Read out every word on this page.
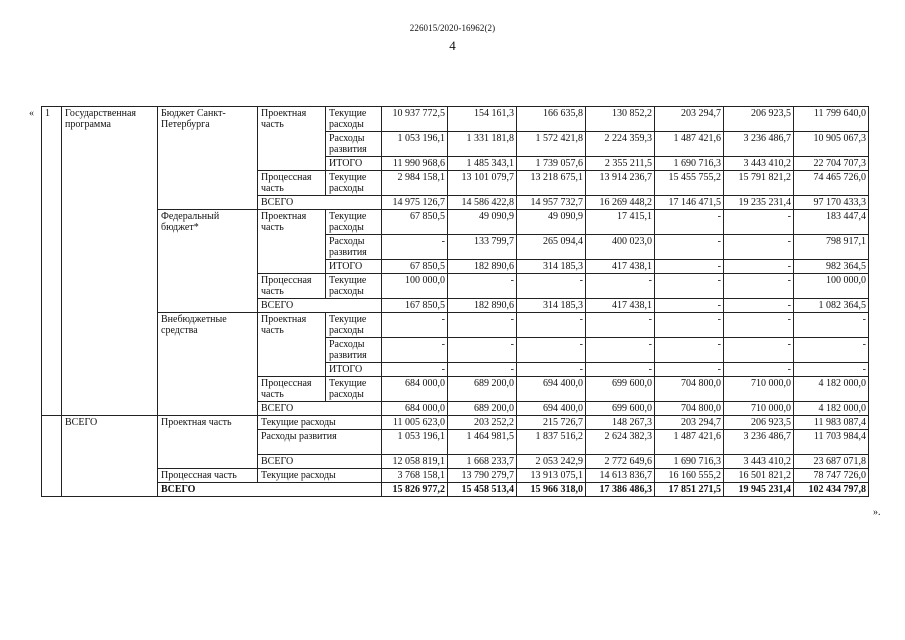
226015/2020-16962(2)
4
«
».
1	Государственная программа	Бюджет Санкт-Петербурга	Проектная часть	Текущие расходы	10 937 772,5	154 161,3	166 635,8	130 852,2	203 294,7	206 923,5	11 799 640,0
				Расходы развития	1 053 196,1	1 331 181,8	1 572 421,8	2 224 359,3	1 487 421,6	3 236 486,7	10 905 067,3
				ИТОГО	11 990 968,6	1 485 343,1	1 739 057,6	2 355 211,5	1 690 716,3	3 443 410,2	22 704 707,3
			Процессная часть	Текущие расходы	2 984 158,1	13 101 079,7	13 218 675,1	13 914 236,7	15 455 755,2	15 791 821,2	74 465 726,0
			ВСЕГО		14 975 126,7	14 586 422,8	14 957 732,7	16 269 448,2	17 146 471,5	19 235 231,4	97 170 433,3
		Федеральный бюджет*	Проектная часть	Текущие расходы	67 850,5	49 090,9	49 090,9	17 415,1	-	-	183 447,4
				Расходы развития	-	133 799,7	265 094,4	400 023,0	-	-	798 917,1
				ИТОГО	67 850,5	182 890,6	314 185,3	417 438,1	-	-	982 364,5
			Процессная часть	Текущие расходы	100 000,0	-	-	-	-	-	100 000,0
			ВСЕГО		167 850,5	182 890,6	314 185,3	417 438,1	-	-	1 082 364,5
		Внебюджетные средства	Проектная часть	Текущие расходы	-	-	-	-	-	-	-
				Расходы развития	-	-	-	-	-	-	-
				ИТОГО	-	-	-	-	-	-	-
			Процессная часть	Текущие расходы	684 000,0	689 200,0	694 400,0	699 600,0	704 800,0	710 000,0	4 182 000,0
			ВСЕГО		684 000,0	689 200,0	694 400,0	699 600,0	704 800,0	710 000,0	4 182 000,0
	ВСЕГО	Проектная часть	Текущие расходы		11 005 623,0	203 252,2	215 726,7	148 267,3	203 294,7	206 923,5	11 983 087,4
			Расходы развития		1 053 196,1	1 464 981,5	1 837 516,2	2 624 382,3	1 487 421,6	3 236 486,7	11 703 984,4
			ВСЕГО		12 058 819,1	1 668 233,7	2 053 242,9	2 772 649,6	1 690 716,3	3 443 410,2	23 687 071,8
		Процессная часть	Текущие расходы		3 768 158,1	13 790 279,7	13 913 075,1	14 613 836,7	16 160 555,2	16 501 821,2	78 747 726,0
		ВСЕГО			15 826 977,2	15 458 513,4	15 966 318,0	17 386 486,3	17 851 271,5	19 945 231,4	102 434 797,8
